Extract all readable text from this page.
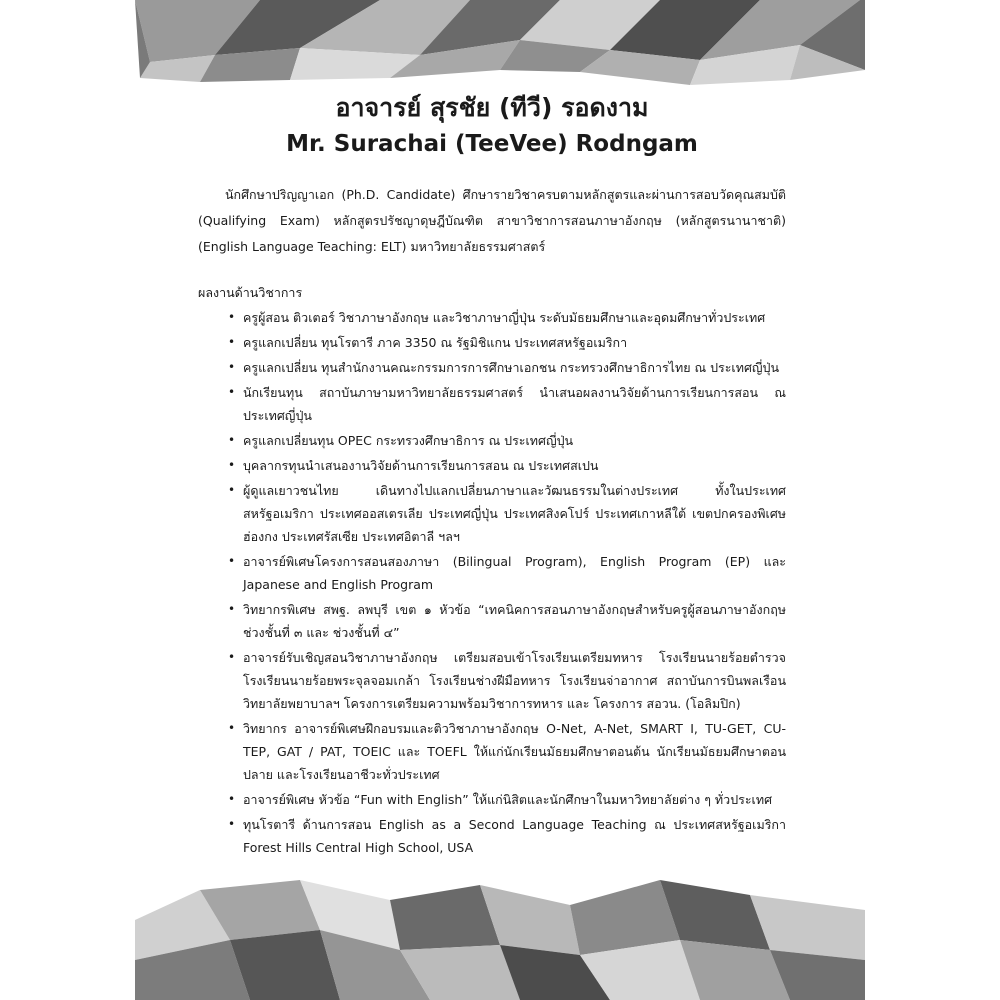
อาจารย์ สุรชัย (ทีวี) รอดงาม
Mr. Surachai (TeeVee) Rodngam

นักศึกษาปริญญาเอก (Ph.D. Candidate) ศึกษารายวิชาครบตามหลักสูตรและผ่านการสอบวัดคุณสมบัติ (Qualifying Exam) หลักสูตรปรัชญาดุษฎีบัณฑิต สาขาวิชาการสอนภาษาอังกฤษ (หลักสูตรนานาชาติ) (English Language Teaching: ELT) มหาวิทยาลัยธรรมศาสตร์

ผลงานด้านวิชาการ

• ครูผู้สอน ติวเตอร์ วิชาภาษาอังกฤษ และวิชาภาษาญี่ปุ่น ระดับมัธยมศึกษาและอุดมศึกษาทั่วประเทศ
• ครูแลกเปลี่ยน ทุนโรตารี ภาค 3350 ณ รัฐมิชิแกน ประเทศสหรัฐอเมริกา
• ครูแลกเปลี่ยน ทุนสำนักงานคณะกรรมการการศึกษาเอกชน กระทรวงศึกษาธิการไทย ณ ประเทศญี่ปุ่น
• นักเรียนทุน สถาบันภาษามหาวิทยาลัยธรรมศาสตร์ นำเสนอผลงานวิจัยด้านการเรียนการสอน ณ ประเทศญี่ปุ่น
• ครูแลกเปลี่ยนทุน OPEC กระทรวงศึกษาธิการ ณ ประเทศญี่ปุ่น
• บุคลากรทุนนำเสนองานวิจัยด้านการเรียนการสอน ณ ประเทศสเปน
• ผู้ดูแลเยาวชนไทย เดินทางไปแลกเปลี่ยนภาษาและวัฒนธรรมในต่างประเทศ ทั้งในประเทศสหรัฐอเมริกา ประเทศออสเตรเลีย ประเทศญี่ปุ่น ประเทศสิงคโปร์ ประเทศเกาหลีใต้ เขตปกครองพิเศษฮ่องกง ประเทศรัสเซีย ประเทศอิตาลี ฯลฯ
• อาจารย์พิเศษโครงการสอนสองภาษา (Bilingual Program), English Program (EP) และ Japanese and English Program
• วิทยากรพิเศษ สพฐ. ลพบุรี เขต ๑ หัวข้อ “เทคนิคการสอนภาษาอังกฤษสำหรับครูผู้สอนภาษาอังกฤษ ช่วงชั้นที่ ๓ และ ช่วงชั้นที่ ๔”
• อาจารย์รับเชิญสอนวิชาภาษาอังกฤษ เตรียมสอบเข้าโรงเรียนเตรียมทหาร โรงเรียนนายร้อยตำรวจ โรงเรียนนายร้อยพระจุลจอมเกล้า โรงเรียนช่างฝีมือทหาร โรงเรียนจ่าอากาศ สถาบันการบินพลเรือน วิทยาลัยพยาบาลฯ โครงการเตรียมความพร้อมวิชาการทหาร และ โครงการ สอวน. (โอลิมปิก)
• วิทยากร อาจารย์พิเศษฝึกอบรมและติววิชาภาษาอังกฤษ O-Net, A-Net, SMART I, TU-GET, CU-TEP, GAT / PAT, TOEIC และ TOEFL ให้แก่นักเรียนมัธยมศึกษาตอนต้น นักเรียนมัธยมศึกษาตอนปลาย และโรงเรียนอาชีวะทั่วประเทศ
• อาจารย์พิเศษ หัวข้อ “Fun with English” ให้แก่นิสิตและนักศึกษาในมหาวิทยาลัยต่าง ๆ ทั่วประเทศ
• ทุนโรตารี ด้านการสอน English as a Second Language Teaching ณ ประเทศสหรัฐอเมริกา Forest Hills Central High School, USA
